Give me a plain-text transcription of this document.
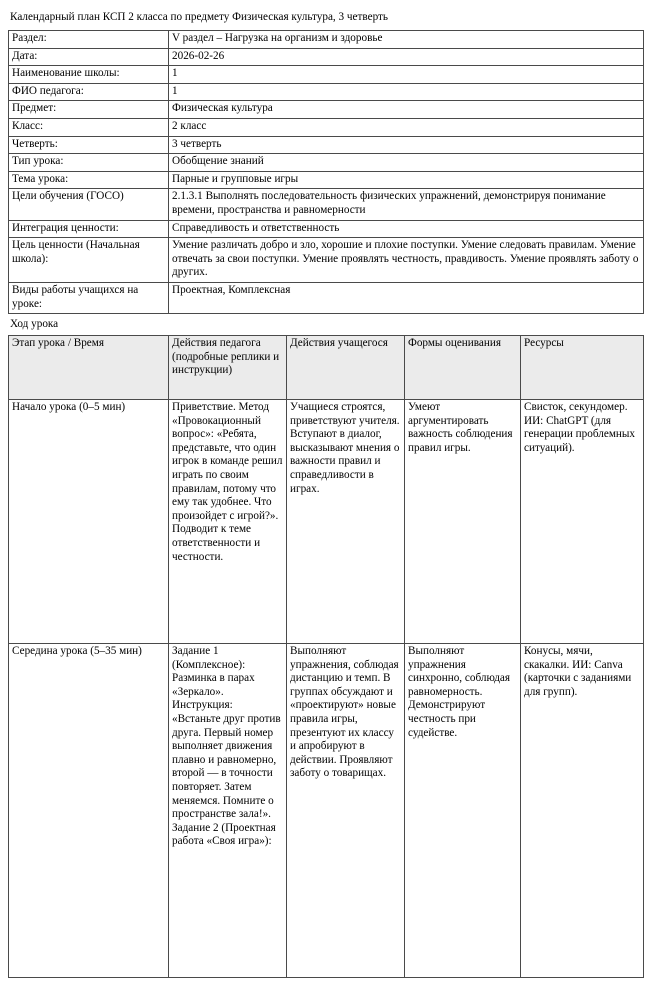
Календарный план КСП 2 класса по предмету Физическая культура, 3 четверть
Раздел:	V раздел – Нагрузка на организм и здоровье
Дата:	2026-02-26
Наименование школы:	1
ФИО педагога:	1
Предмет:	Физическая культура
Класс:	2 класс
Четверть:	3 четверть
Тип урока:	Обобщение знаний
Тема урока:	Парные и групповые игры
Цели обучения (ГОСО)	2.1.3.1 Выполнять последовательность физических упражнений, демонстрируя понимание времени, пространства и равномерности
Интеграция ценности:	Справедливость и ответственность
Цель ценности (Начальная школа):	Умение различать добро и зло, хорошие и плохие поступки. Умение следовать правилам. Умение отвечать за свои поступки. Умение проявлять честность, правдивость. Умение проявлять заботу о других.
Виды работы учащихся на уроке:	Проектная, Комплексная
Ход урока
Этап урока / Время	Действия педагога (подробные реплики и инструкции)	Действия учащегося	Формы оценивания	Ресурсы
Начало урока (0–5 мин)	Приветствие. Метод «Провокационный вопрос»: «Ребята, представьте, что один игрок в команде решил играть по своим правилам, потому что ему так удобнее. Что произойдет с игрой?». Подводит к теме ответственности и честности.	Учащиеся строятся, приветствуют учителя. Вступают в диалог, высказывают мнения о важности правил и справедливости в играх.	Умеют аргументировать важность соблюдения правил игры.	Свисток, секундомер. ИИ: ChatGPT (для генерации проблемных ситуаций).
Середина урока (5–35 мин)	Задание 1 (Комплексное): Разминка в парах «Зеркало». Инструкция: «Встаньте друг против друга. Первый номер выполняет движения плавно и равномерно, второй — в точности повторяет. Затем меняемся. Помните о пространстве зала!». Задание 2 (Проектная работа «Своя игра»):	Выполняют упражнения, соблюдая дистанцию и темп. В группах обсуждают и «проектируют» новые правила игры, презентуют их классу и апробируют в действии. Проявляют заботу о товарищах.	Выполняют упражнения синхронно, соблюдая равномерность. Демонстрируют честность при судействе.	Конусы, мячи, скакалки. ИИ: Canva (карточки с заданиями для групп).
